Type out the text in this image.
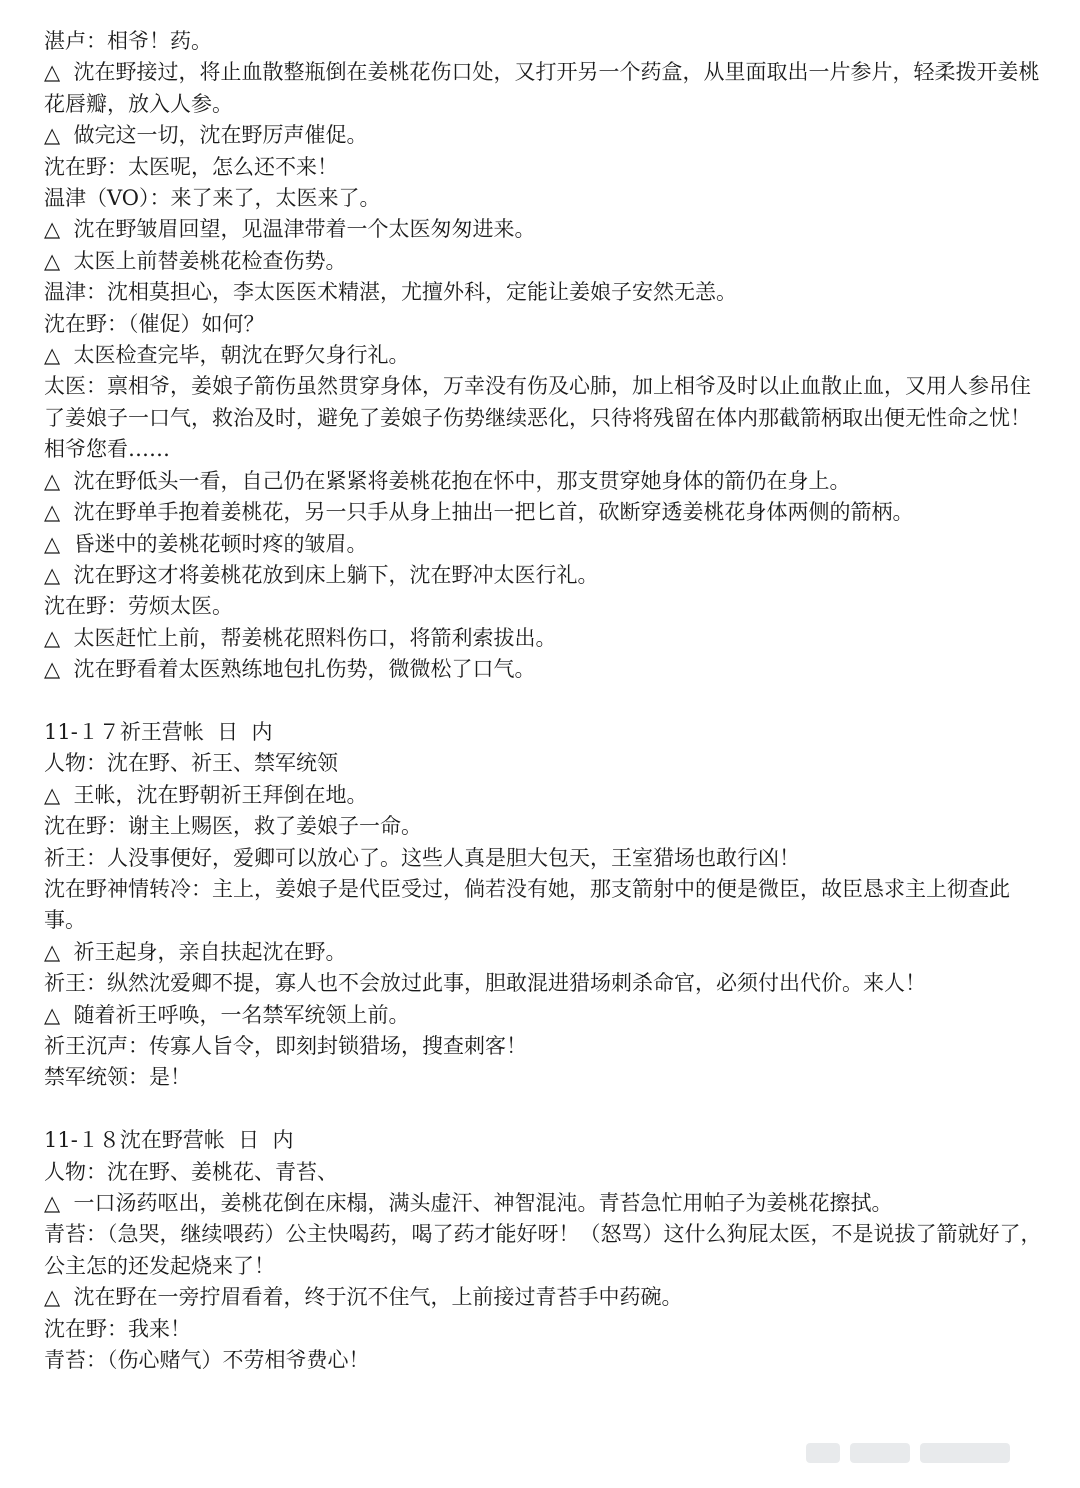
湛卢：相爷！药。

△  沈在野接过，将止血散整瓶倒在姜桃花伤口处，又打开另一个药盒，从里面取出一片参片，轻柔拨开姜桃花唇瓣，放入人参。

△  做完这一切，沈在野厉声催促。

沈在野：太医呢，怎么还不来！

温津（VO）：来了来了，太医来了。

△  沈在野皱眉回望，见温津带着一个太医匆匆进来。

△  太医上前替姜桃花检查伤势。

温津：沈相莫担心，李太医医术精湛，尤擅外科，定能让姜娘子安然无恙。

沈在野：（催促）如何？

△  太医检查完毕，朝沈在野欠身行礼。

太医：禀相爷，姜娘子箭伤虽然贯穿身体，万幸没有伤及心肺，加上相爷及时以止血散止血，又用人参吊住了姜娘子一口气，救治及时，避免了姜娘子伤势继续恶化，只待将残留在体内那截箭柄取出便无性命之忧！相爷您看……

△  沈在野低头一看，自己仍在紧紧将姜桃花抱在怀中，那支贯穿她身体的箭仍在身上。

△  沈在野单手抱着姜桃花，另一只手从身上抽出一把匕首，砍断穿透姜桃花身体两侧的箭柄。

△  昏迷中的姜桃花顿时疼的皱眉。

△  沈在野这才将姜桃花放到床上躺下，沈在野冲太医行礼。

沈在野：劳烦太医。

△  太医赶忙上前，帮姜桃花照料伤口，将箭利索拔出。

△  沈在野看着太医熟练地包扎伤势，微微松了口气。

11-１７祈王营帐  日  内

人物：沈在野、祈王、禁军统领

△  王帐，沈在野朝祈王拜倒在地。

沈在野：谢主上赐医，救了姜娘子一命。

祈王：人没事便好，爱卿可以放心了。这些人真是胆大包天，王室猎场也敢行凶！

沈在野神情转冷：主上，姜娘子是代臣受过，倘若没有她，那支箭射中的便是微臣，故臣恳求主上彻查此事。

△  祈王起身，亲自扶起沈在野。

祈王：纵然沈爱卿不提，寡人也不会放过此事，胆敢混进猎场刺杀命官，必须付出代价。来人！

△  随着祈王呼唤，一名禁军统领上前。

祈王沉声：传寡人旨令，即刻封锁猎场，搜查刺客！

禁军统领：是！

11-１８沈在野营帐  日  内

人物：沈在野、姜桃花、青苔、

△  一口汤药呕出，姜桃花倒在床榻，满头虚汗、神智混沌。青苔急忙用帕子为姜桃花擦拭。

青苔：（急哭，继续喂药）公主快喝药，喝了药才能好呀！（怒骂）这什么狗屁太医，不是说拔了箭就好了，公主怎的还发起烧来了！

△  沈在野在一旁拧眉看着，终于沉不住气，上前接过青苔手中药碗。

沈在野：我来！

青苔：（伤心赌气）不劳相爷费心！
